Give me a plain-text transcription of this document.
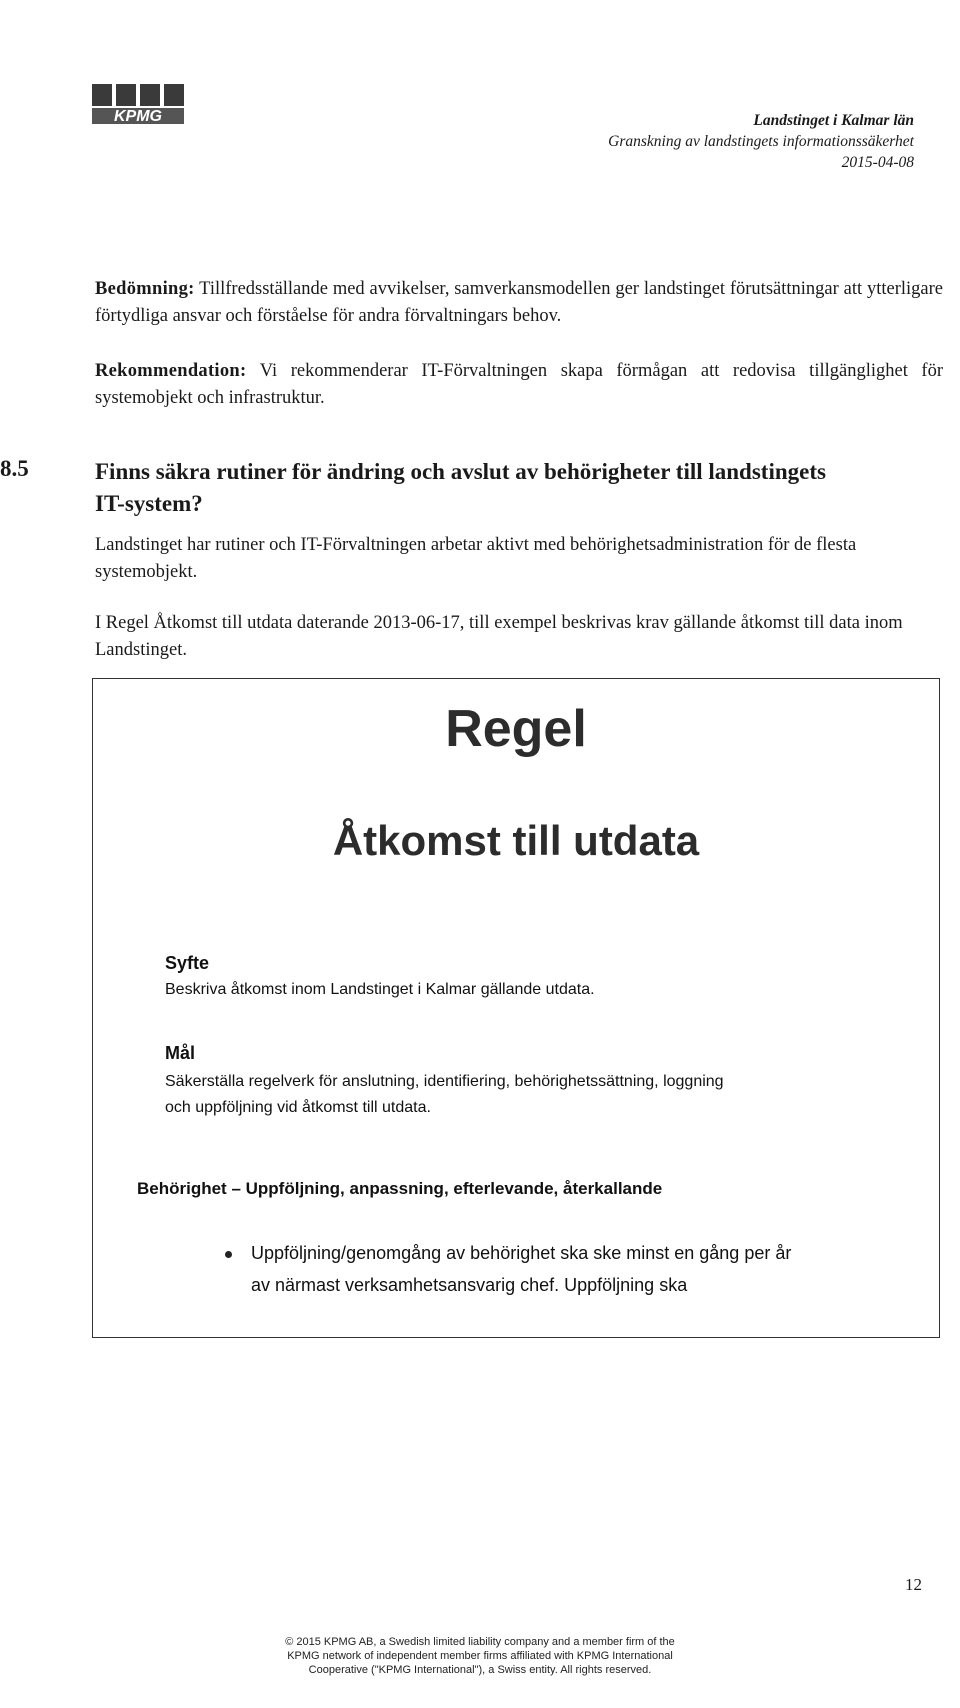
KPMG	Landstinget i Kalmar län
Granskning av landstingets informationssäkerhet
2015-04-08
Bedömning: Tillfredsställande med avvikelser, samverkansmodellen ger landstinget förutsättningar att ytterligare förtydliga ansvar och förståelse för andra förvaltningars behov.
Rekommendation: Vi rekommenderar IT-Förvaltningen skapa förmågan att redovisa tillgänglighet för systemobjekt och infrastruktur.
8.5	Finns säkra rutiner för ändring och avslut av behörigheter till landstingets IT-system?
Landstinget har rutiner och IT-Förvaltningen arbetar aktivt med behörighetsadministration för de flesta systemobjekt.
I Regel Åtkomst till utdata daterande 2013-06-17, till exempel beskrivas krav gällande åtkomst till data inom Landstinget.
Regel
Åtkomst till utdata
Syfte
Beskriva åtkomst inom Landstinget i Kalmar gällande utdata.
Mål
Säkerställa regelverk för anslutning, identifiering, behörighetssättning, loggning
och uppföljning vid åtkomst till utdata.
Behörighet – Uppföljning, anpassning, efterlevande, återkallande
Uppföljning/genomgång av behörighet ska ske minst en gång per år
av närmast verksamhetsansvarig chef. Uppföljning ska
12
© 2015 KPMG AB, a Swedish limited liability company and a member firm of the
KPMG network of independent member firms affiliated with KPMG International
Cooperative ("KPMG International"), a Swiss entity. All rights reserved.
